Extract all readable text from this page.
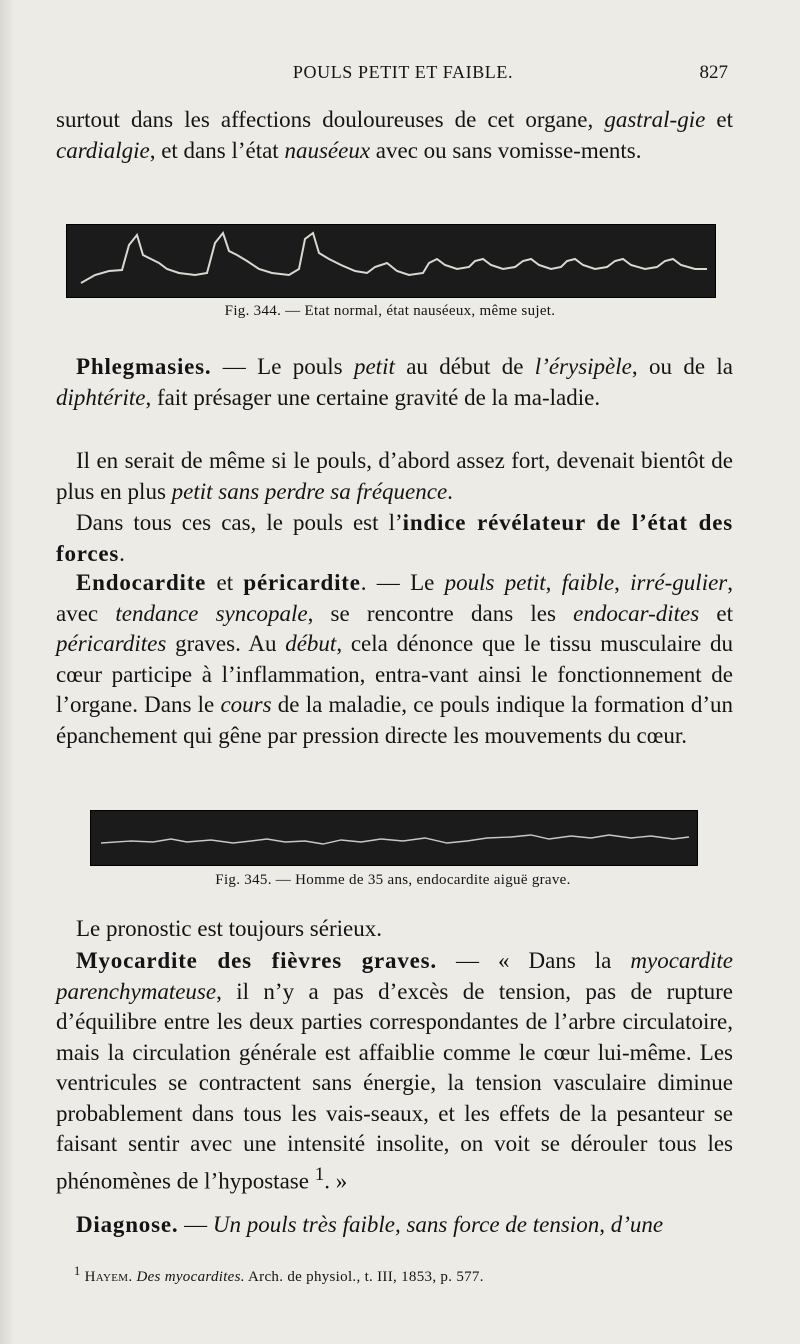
POULS PETIT ET FAIBLE.	827

surtout dans les affections douloureuses de cet organe, gastral-gie et cardialgie, et dans l’état nauséeux avec ou sans vomisse-ments.

Fig. 344. — Etat normal, état nauséeux, même sujet.

Phlegmasies. — Le pouls petit au début de l’érysipèle, ou de la diphtérite, fait présager une certaine gravité de la ma-ladie.

Il en serait de même si le pouls, d’abord assez fort, devenait bientôt de plus en plus petit sans perdre sa fréquence.

Dans tous ces cas, le pouls est l’indice révélateur de l’état des forces.

Endocardite et péricardite. — Le pouls petit, faible, irré-gulier, avec tendance syncopale, se rencontre dans les endocar-dites et péricardites graves. Au début, cela dénonce que le tissu musculaire du cœur participe à l’inflammation, entra-vant ainsi le fonctionnement de l’organe. Dans le cours de la maladie, ce pouls indique la formation d’un épanchement qui gêne par pression directe les mouvements du cœur.

Fig. 345. — Homme de 35 ans, endocardite aiguë grave.

Le pronostic est toujours sérieux.

Myocardite des fièvres graves. — « Dans la myocardite parenchymateuse, il n’y a pas d’excès de tension, pas de rupture d’équilibre entre les deux parties correspondantes de l’arbre circulatoire, mais la circulation générale est affaiblie comme le cœur lui-même. Les ventricules se contractent sans énergie, la tension vasculaire diminue probablement dans tous les vais-seaux, et les effets de la pesanteur se faisant sentir avec une intensité insolite, on voit se dérouler tous les phénomènes de l’hypostase $^1$. »

Diagnose. — Un pouls très faible, sans force de tension, d’une

$^1$ Hayem. Des myocardites. Arch. de physiol., t. III, 1853, p. 577.
